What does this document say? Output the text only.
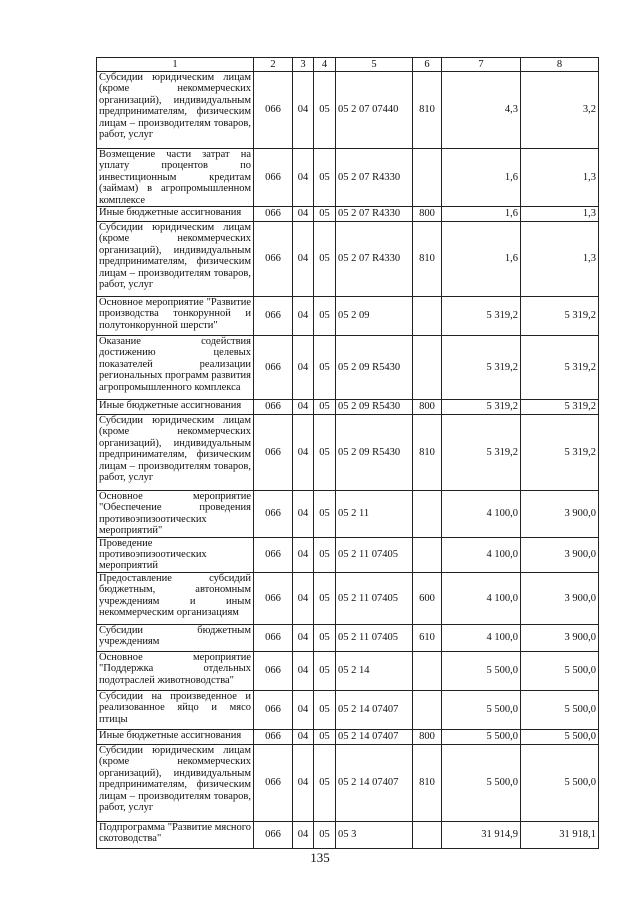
1	2	3	4	5	6	7	8
Субсидии юридическим лицам (кроме некоммерческих организаций), индивидуальным предпринимателям, физическим лицам – производителям товаров, работ, услуг	066	04	05	05 2 07 07440	810	4,3	3,2
Возмещение части затрат на уплату процентов по инвестиционным кредитам (займам) в агропромышленном комплексе	066	04	05	05 2 07 R4330		1,6	1,3
Иные бюджетные ассигнования	066	04	05	05 2 07 R4330	800	1,6	1,3
Субсидии юридическим лицам (кроме некоммерческих организаций), индивидуальным предпринимателям, физическим лицам – производителям товаров, работ, услуг	066	04	05	05 2 07 R4330	810	1,6	1,3
Основное мероприятие "Развитие производства тонкорунной и полутонкорунной шерсти"	066	04	05	05 2 09		5 319,2	5 319,2
Оказание содействия достижению целевых показателей реализации региональных программ развития агропромышленного комплекса	066	04	05	05 2 09 R5430		5 319,2	5 319,2
Иные бюджетные ассигнования	066	04	05	05 2 09 R5430	800	5 319,2	5 319,2
Субсидии юридическим лицам (кроме некоммерческих организаций), индивидуальным предпринимателям, физическим лицам – производителям товаров, работ, услуг	066	04	05	05 2 09 R5430	810	5 319,2	5 319,2
Основное мероприятие "Обеспечение проведения противоэпизоотических мероприятий"	066	04	05	05 2 11		4 100,0	3 900,0
Проведение противоэпизоотических мероприятий	066	04	05	05 2 11 07405		4 100,0	3 900,0
Предоставление субсидий бюджетным, автономным учреждениям и иным некоммерческим организациям	066	04	05	05 2 11 07405	600	4 100,0	3 900,0
Субсидии бюджетным учреждениям	066	04	05	05 2 11 07405	610	4 100,0	3 900,0
Основное мероприятие "Поддержка отдельных подотраслей животноводства"	066	04	05	05 2 14		5 500,0	5 500,0
Субсидии на произведенное и реализованное яйцо и мясо птицы	066	04	05	05 2 14 07407		5 500,0	5 500,0
Иные бюджетные ассигнования	066	04	05	05 2 14 07407	800	5 500,0	5 500,0
Субсидии юридическим лицам (кроме некоммерческих организаций), индивидуальным предпринимателям, физическим лицам – производителям товаров, работ, услуг	066	04	05	05 2 14 07407	810	5 500,0	5 500,0
Подпрограмма "Развитие мясного скотоводства"	066	04	05	05 3		31 914,9	31 918,1
135
